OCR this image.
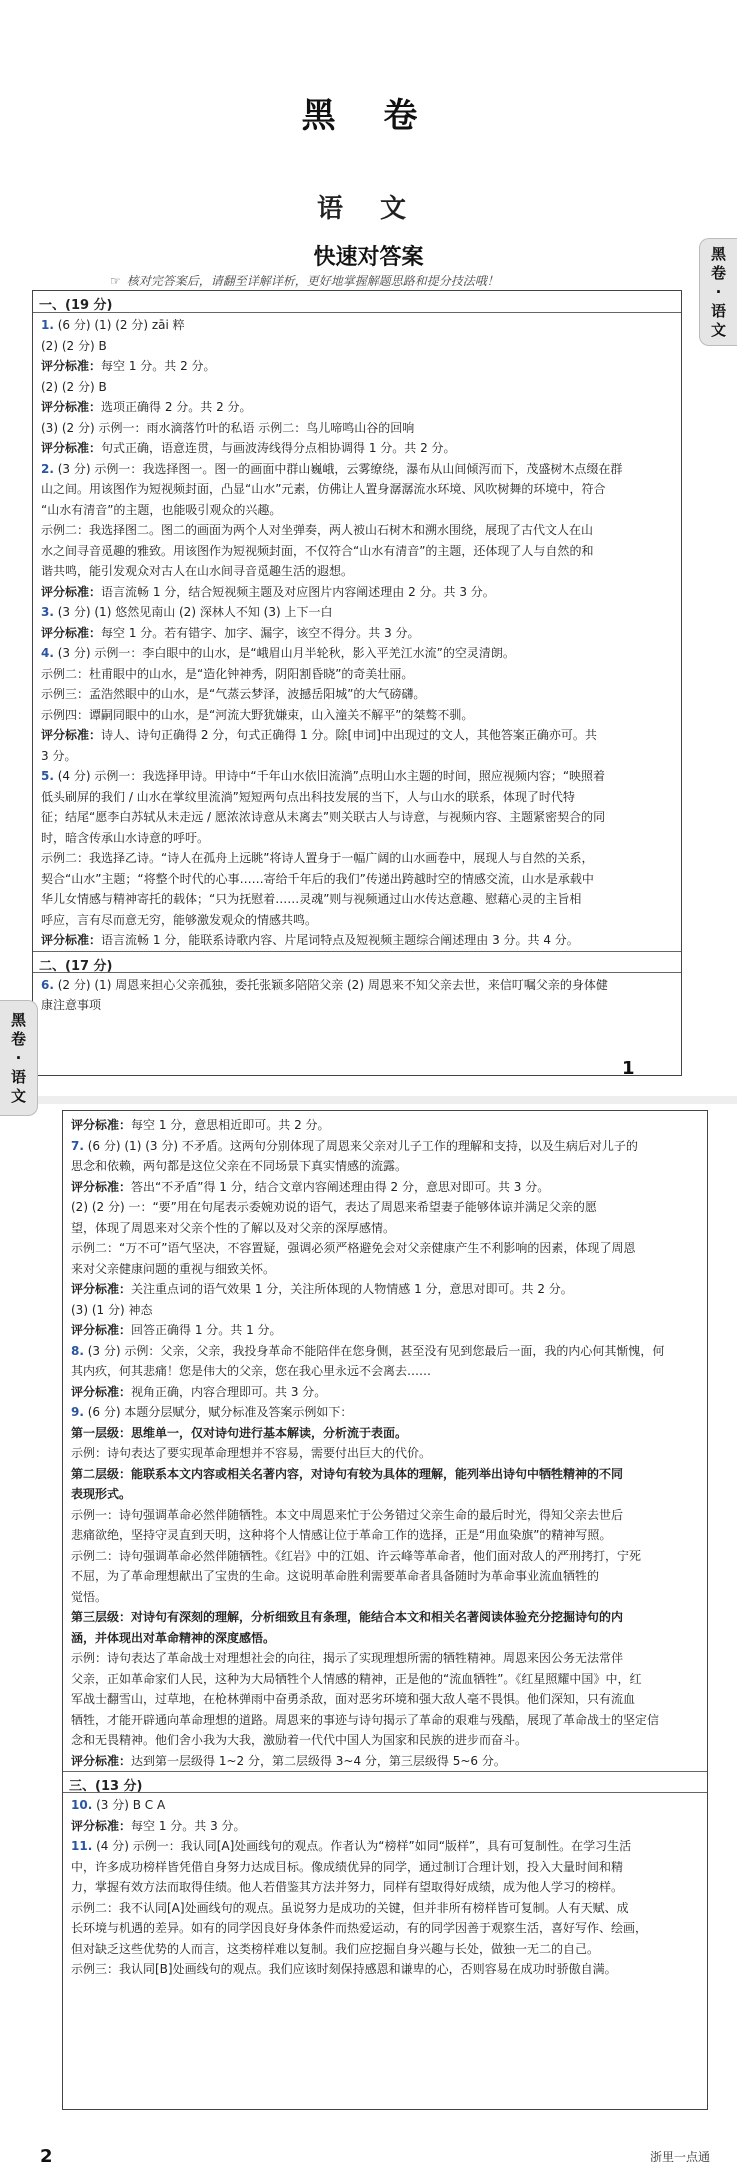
黑 卷
语 文
快速对答案
☞ 核对完答案后，请翻至详解详析，更好地掌握解题思路和提分技法哦！
黑
卷
·
语
文
一、(19 分)
1. (6 分) (1) (2 分) zāi 粹
(2) (2 分) B
评分标准：每空 1 分。共 2 分。
(2) (2 分) B
评分标准：选项正确得 2 分。共 2 分。
(3) (2 分) 示例一：雨水滴落竹叶的私语 示例二：鸟儿啼鸣山谷的回响
评分标准：句式正确，语意连贯，与画波涛线得分点相协调得 1 分。共 2 分。
2. (3 分) 示例一：我选择图一。图一的画面中群山巍峨，云雾缭绕，瀑布从山间倾泻而下，茂盛树木点缀在群
山之间。用该图作为短视频封面，凸显“山水”元素，仿佛让人置身潺潺流水环境、风吹树舞的环境中，符合
“山水有清音”的主题，也能吸引观众的兴趣。
示例二：我选择图二。图二的画面为两个人对坐弹奏，两人被山石树木和溯水围绕，展现了古代文人在山
水之间寻音觅趣的雅致。用该图作为短视频封面，不仅符合“山水有清音”的主题，还体现了人与自然的和
谐共鸣，能引发观众对古人在山水间寻音觅趣生活的遐想。
评分标准：语言流畅 1 分，结合短视频主题及对应图片内容阐述理由 2 分。共 3 分。
3. (3 分) (1) 悠然见南山 (2) 深林人不知 (3) 上下一白
评分标准：每空 1 分。若有错字、加字、漏字，该空不得分。共 3 分。
4. (3 分) 示例一：李白眼中的山水，是“峨眉山月半轮秋，影入平羌江水流”的空灵清朗。
示例二：杜甫眼中的山水，是“造化钟神秀，阴阳割昏晓”的奇美壮丽。
示例三：孟浩然眼中的山水，是“气蒸云梦泽，波撼岳阳城”的大气磅礴。
示例四：谭嗣同眼中的山水，是“河流大野犹嫌束，山入潼关不解平”的桀骜不驯。
评分标准：诗人、诗句正确得 2 分，句式正确得 1 分。除[申词]中出现过的文人，其他答案正确亦可。共
3 分。
5. (4 分) 示例一：我选择甲诗。甲诗中“千年山水依旧流淌”点明山水主题的时间，照应视频内容；“映照着
低头刷屏的我们 / 山水在掌纹里流淌”短短两句点出科技发展的当下，人与山水的联系，体现了时代特
征；结尾“愿李白苏轼从未走远 / 愿浓浓诗意从未离去”则关联古人与诗意，与视频内容、主题紧密契合的同
时，暗含传承山水诗意的呼吁。
示例二：我选择乙诗。“诗人在孤舟上远眺”将诗人置身于一幅广阔的山水画卷中，展现人与自然的关系，
契合“山水”主题；“将整个时代的心事……寄给千年后的我们”传递出跨越时空的情感交流，山水是承载中
华儿女情感与精神寄托的载体；“只为抚慰着……灵魂”则与视频通过山水传达意趣、慰藉心灵的主旨相
呼应，言有尽而意无穷，能够激发观众的情感共鸣。
评分标准：语言流畅 1 分，能联系诗歌内容、片尾词特点及短视频主题综合阐述理由 3 分。共 4 分。
二、(17 分)
6. (2 分) (1) 周恩来担心父亲孤独，委托张颖多陪陪父亲 (2) 周恩来不知父亲去世，来信叮嘱父亲的身体健
康注意事项
1
评分标准：每空 1 分，意思相近即可。共 2 分。
7. (6 分) (1) (3 分) 不矛盾。这两句分别体现了周恩来父亲对儿子工作的理解和支持，以及生病后对儿子的
思念和依赖，两句都是这位父亲在不同场景下真实情感的流露。
评分标准：答出“不矛盾”得 1 分，结合文章内容阐述理由得 2 分，意思对即可。共 3 分。
(2) (2 分) 一：“要”用在句尾表示委婉劝说的语气，表达了周恩来希望妻子能够体谅并满足父亲的愿
望，体现了周恩来对父亲个性的了解以及对父亲的深厚感情。
示例二：“万不可”语气坚决，不容置疑，强调必须严格避免会对父亲健康产生不利影响的因素，体现了周恩
来对父亲健康问题的重视与细致关怀。
评分标准：关注重点词的语气效果 1 分，关注所体现的人物情感 1 分，意思对即可。共 2 分。
(3) (1 分) 神态
评分标准：回答正确得 1 分。共 1 分。
8. (3 分) 示例：父亲，父亲，我投身革命不能陪伴在您身侧，甚至没有见到您最后一面，我的内心何其惭愧，何
其内疚，何其悲痛！您是伟大的父亲，您在我心里永远不会离去……
评分标准：视角正确，内容合理即可。共 3 分。
9. (6 分) 本题分层赋分，赋分标准及答案示例如下：
第一层级：思维单一，仅对诗句进行基本解读，分析流于表面。
示例：诗句表达了要实现革命理想并不容易，需要付出巨大的代价。
第二层级：能联系本文内容或相关名著内容，对诗句有较为具体的理解，能列举出诗句中牺牲精神的不同
表现形式。
示例一：诗句强调革命必然伴随牺牲。本文中周恩来忙于公务错过父亲生命的最后时光，得知父亲去世后
悲痛欲绝，坚持守灵直到天明，这种将个人情感让位于革命工作的选择，正是“用血染旗”的精神写照。
示例二：诗句强调革命必然伴随牺牲。《红岩》中的江姐、许云峰等革命者，他们面对敌人的严刑拷打，宁死
不屈，为了革命理想献出了宝贵的生命。这说明革命胜利需要革命者具备随时为革命事业流血牺牲的
觉悟。
第三层级：对诗句有深刻的理解，分析细致且有条理，能结合本文和相关名著阅读体验充分挖掘诗句的内
涵，并体现出对革命精神的深度感悟。
示例：诗句表达了革命战士对理想社会的向往，揭示了实现理想所需的牺牲精神。周恩来因公务无法常伴
父亲，正如革命家们人民，这种为大局牺牲个人情感的精神，正是他的“流血牺牲”。《红星照耀中国》中，红
军战士翻雪山，过草地，在枪林弹雨中奋勇杀敌，面对恶劣环境和强大敌人毫不畏惧。他们深知，只有流血
牺牲，才能开辟通向革命理想的道路。周恩来的事迹与诗句揭示了革命的艰难与残酷，展现了革命战士的坚定信
念和无畏精神。他们舍小我为大我，激励着一代代中国人为国家和民族的进步而奋斗。
评分标准：达到第一层级得 1~2 分，第二层级得 3~4 分，第三层级得 5~6 分。
三、(13 分)
10. (3 分) B C A
评分标准：每空 1 分。共 3 分。
11. (4 分) 示例一：我认同[A]处画线句的观点。作者认为“榜样”如同“版样”，具有可复制性。在学习生活
中，许多成功榜样皆凭借自身努力达成目标。像成绩优异的同学，通过制订合理计划，投入大量时间和精
力，掌握有效方法而取得佳绩。他人若借鉴其方法并努力，同样有望取得好成绩，成为他人学习的榜样。
示例二：我不认同[A]处画线句的观点。虽说努力是成功的关键，但并非所有榜样皆可复制。人有天赋、成
长环境与机遇的差异。如有的同学因良好身体条件而热爱运动，有的同学因善于观察生活，喜好写作、绘画，
但对缺乏这些优势的人而言，这类榜样难以复制。我们应挖掘自身兴趣与长处，做独一无二的自己。
示例三：我认同[B]处画线句的观点。我们应该时刻保持感恩和谦卑的心，否则容易在成功时骄傲自满。
2	浙里一点通
黑
卷
·
语
文
